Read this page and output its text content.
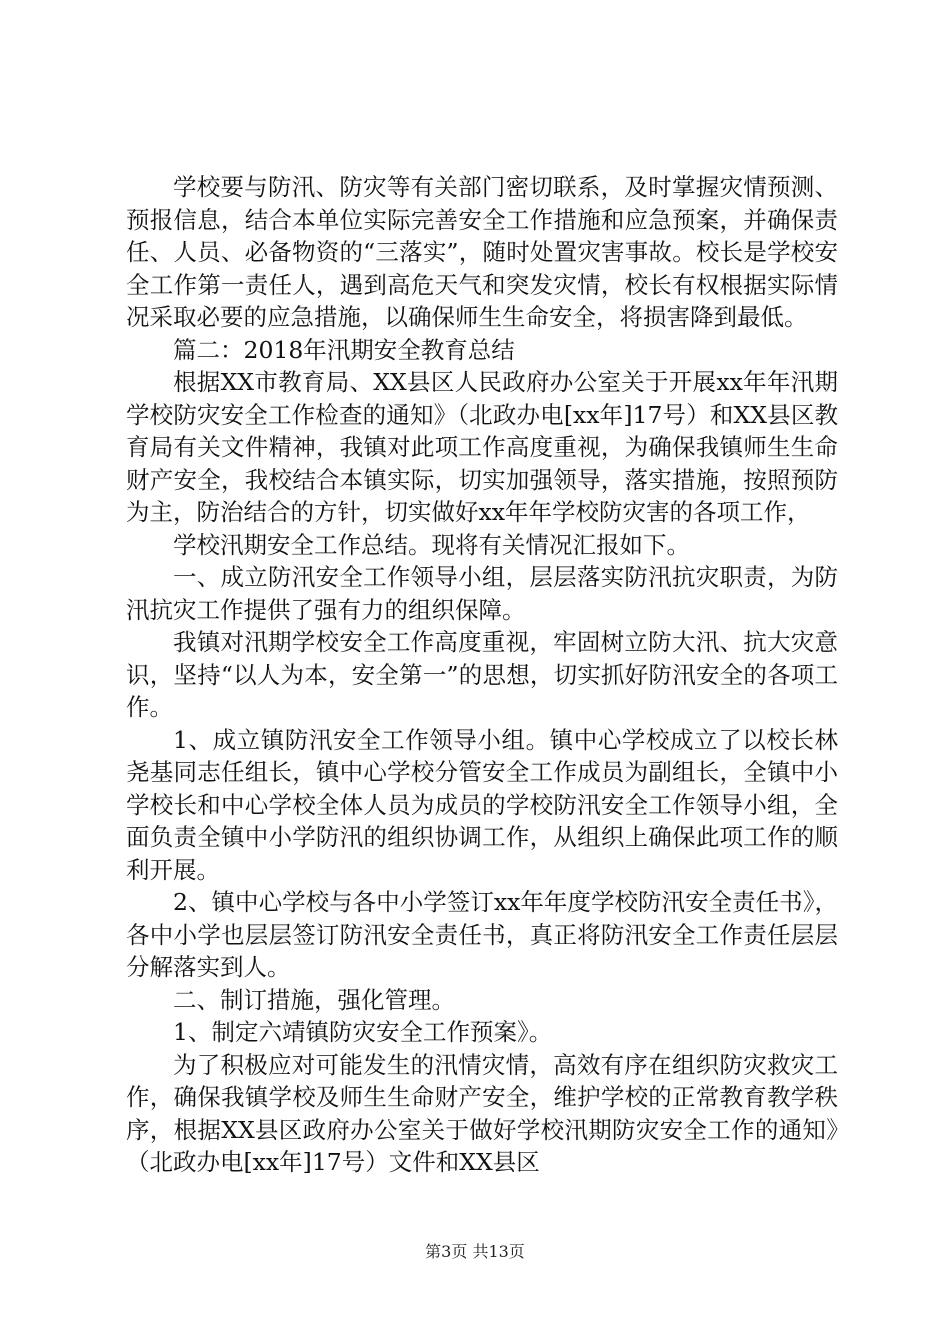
学校要与防汛、防灾等有关部门密切联系，及时掌握灾情预测、预报信息，结合本单位实际完善安全工作措施和应急预案，并确保责任、人员、必备物资的“三落实”，随时处置灾害事故。校长是学校安全工作第一责任人，遇到高危天气和突发灾情，校长有权根据实际情况采取必要的应急措施，以确保师生生命安全，将损害降到最低。

篇二：2018年汛期安全教育总结

根据XX市教育局、XX县区人民政府办公室关于开展xx年年汛期学校防灾安全工作检查的通知》（北政办电[xx年]17号）和XX县区教育局有关文件精神，我镇对此项工作高度重视，为确保我镇师生生命财产安全，我校结合本镇实际，切实加强领导，落实措施，按照预防为主，防治结合的方针，切实做好xx年年学校防灾害的各项工作，

学校汛期安全工作总结。现将有关情况汇报如下。

一、成立防汛安全工作领导小组，层层落实防汛抗灾职责，为防汛抗灾工作提供了强有力的组织保障。

我镇对汛期学校安全工作高度重视，牢固树立防大汛、抗大灾意识，坚持“以人为本，安全第一”的思想，切实抓好防汛安全的各项工作。

1、成立镇防汛安全工作领导小组。镇中心学校成立了以校长林尧基同志任组长，镇中心学校分管安全工作成员为副组长，全镇中小学校长和中心学校全体人员为成员的学校防汛安全工作领导小组，全面负责全镇中小学防汛的组织协调工作，从组织上确保此项工作的顺利开展。

2、镇中心学校与各中小学签订xx年年度学校防汛安全责任书》，各中小学也层层签订防汛安全责任书，真正将防汛安全工作责任层层分解落实到人。

二、制订措施，强化管理。

1、制定六靖镇防灾安全工作预案》。

为了积极应对可能发生的汛情灾情，高效有序在组织防灾救灾工作，确保我镇学校及师生生命财产安全，维护学校的正常教育教学秩序，根据XX县区政府办公室关于做好学校汛期防灾安全工作的通知》（北政办电[xx年]17号）文件和XX县区

第3页 共13页
